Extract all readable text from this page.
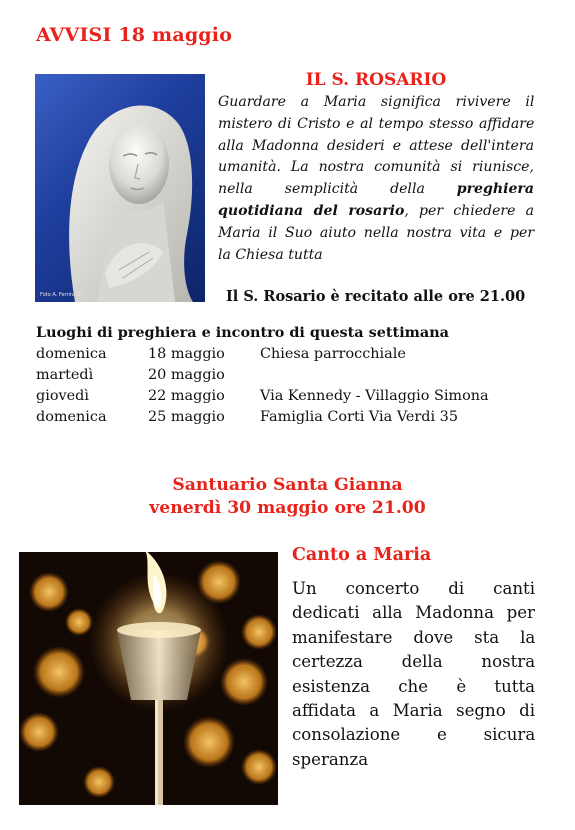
AVVISI 18 maggio
Foto A. Ferrini ©
IL S. ROSARIO
Guardare a Maria significa rivivere il
mistero di Cristo e al tempo stesso affidare
alla Madonna desideri e attese dell'intera
umanità. La nostra comunità si riunisce,
nella semplicità della preghiera
quotidiana del rosario, per chiedere a
Maria il Suo aiuto nella nostra vita e per
la Chiesa tutta
Il S. Rosario è recitato alle ore 21.00
Luoghi di preghiera e incontro di questa settimana
domenica	18 maggio Chiesa parrocchiale
martedì	20 maggio
giovedì	22 maggio Via Kennedy - Villaggio Simona
domenica	25 maggio Famiglia Corti Via Verdi 35
Santuario Santa Gianna
venerdì 30 maggio ore 21.00
Canto a Maria
Un concerto di canti
dedicati alla Madonna per
manifestare dove sta la
certezza della nostra
esistenza che è tutta
affidata a Maria segno di
consolazione e sicura
speranza
